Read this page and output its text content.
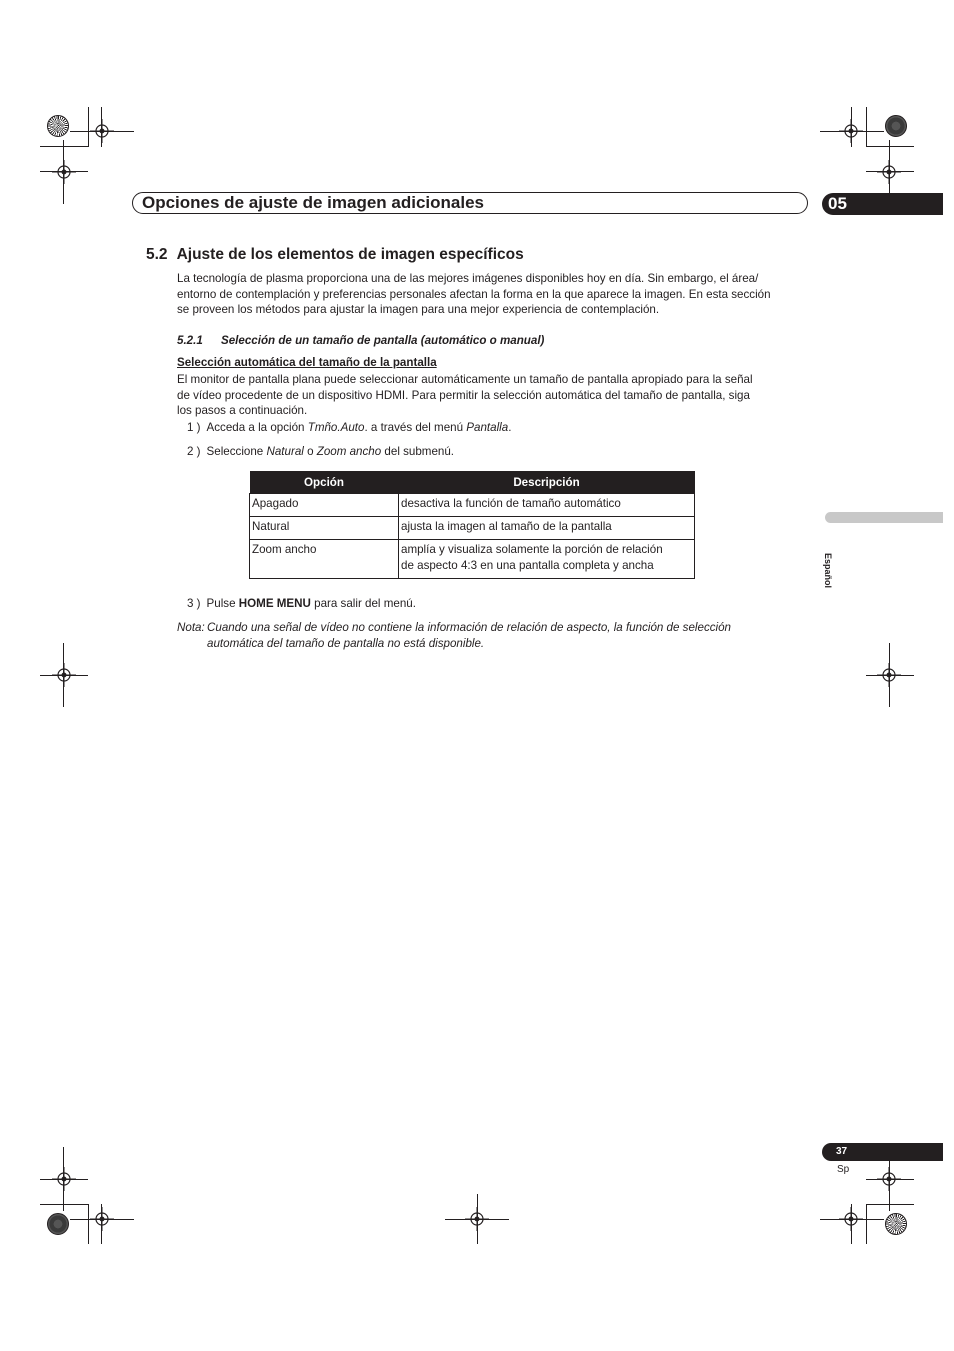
Opciones de ajuste de imagen adicionales	05
5.2 Ajuste de los elementos de imagen específicos
La tecnología de plasma proporciona una de las mejores imágenes disponibles hoy en día. Sin embargo, el área/
entorno de contemplación y preferencias personales afectan la forma en la que aparece la imagen. En esta sección
se proveen los métodos para ajustar la imagen para una mejor experiencia de contemplación.
5.2.1 Selección de un tamaño de pantalla (automático o manual)
Selección automática del tamaño de la pantalla
El monitor de pantalla plana puede seleccionar automáticamente un tamaño de pantalla apropiado para la señal
de vídeo procedente de un dispositivo HDMI. Para permitir la selección automática del tamaño de pantalla, siga
los pasos a continuación.
1 ) Acceda a la opción Tmño.Auto. a través del menú Pantalla.
2 ) Seleccione Natural o Zoom ancho del submenú.
Opción	Descripción
Apagado	desactiva la función de tamaño automático

Natural	ajusta la imagen al tamaño de la pantalla

Zoom ancho	amplía y visualiza solamente la porción de relación
de aspecto 4:3 en una pantalla completa y ancha
3 ) Pulse HOME MENU para salir del menú.
Nota: Cuando una señal de vídeo no contiene la información de relación de aspecto, la función de selección
automática del tamaño de pantalla no está disponible.
Español
37
Sp
